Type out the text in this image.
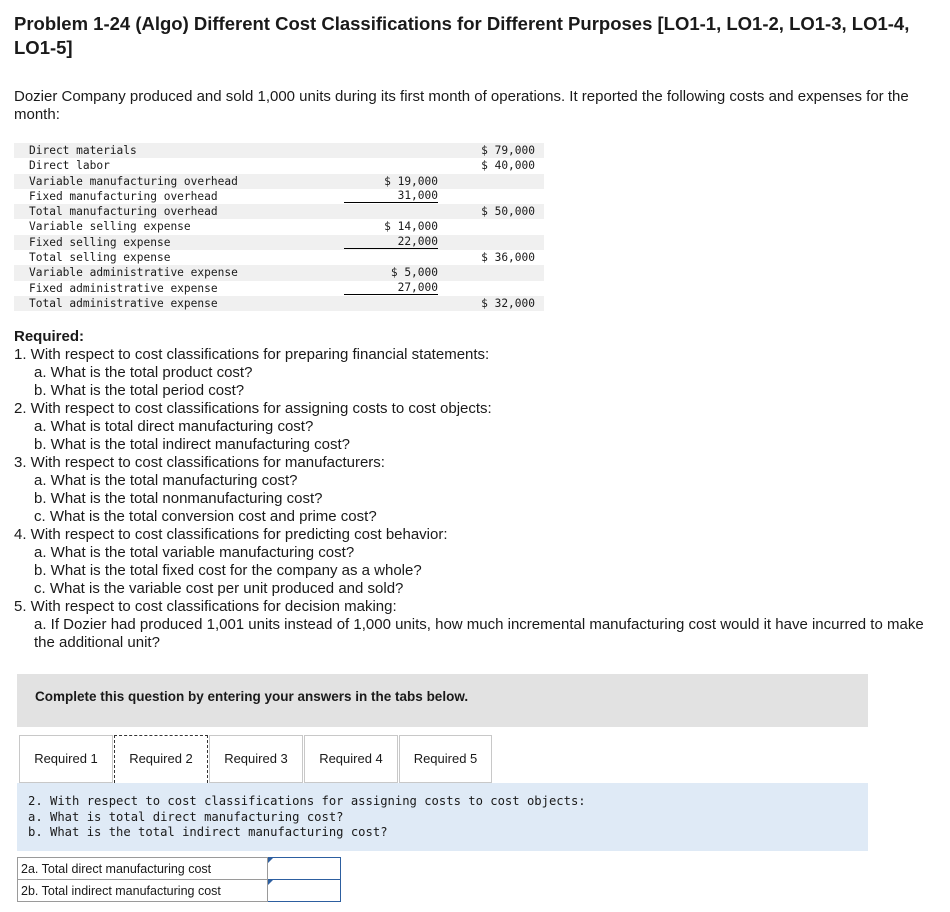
Problem 1-24 (Algo) Different Cost Classifications for Different Purposes [LO1-1, LO1-2, LO1-3, LO1-4, LO1-5]
Dozier Company produced and sold 1,000 units during its first month of operations. It reported the following costs and expenses for the month:
Direct materials	$ 79,000
Direct labor	$ 40,000
Variable manufacturing overhead	$ 19,000
Fixed manufacturing overhead	31,000
Total manufacturing overhead	$ 50,000
Variable selling expense	$ 14,000
Fixed selling expense	22,000
Total selling expense	$ 36,000
Variable administrative expense	$ 5,000
Fixed administrative expense	27,000
Total administrative expense	$ 32,000
Required:
1. With respect to cost classifications for preparing financial statements:
a. What is the total product cost?
b. What is the total period cost?
2. With respect to cost classifications for assigning costs to cost objects:
a. What is total direct manufacturing cost?
b. What is the total indirect manufacturing cost?
3. With respect to cost classifications for manufacturers:
a. What is the total manufacturing cost?
b. What is the total nonmanufacturing cost?
c. What is the total conversion cost and prime cost?
4. With respect to cost classifications for predicting cost behavior:
a. What is the total variable manufacturing cost?
b. What is the total fixed cost for the company as a whole?
c. What is the variable cost per unit produced and sold?
5. With respect to cost classifications for decision making:
a. If Dozier had produced 1,001 units instead of 1,000 units, how much incremental manufacturing cost would it have incurred to make the additional unit?
Complete this question by entering your answers in the tabs below.
Required 1	Required 2	Required 3	Required 4	Required 5
2. With respect to cost classifications for assigning costs to cost objects:
a. What is total direct manufacturing cost?
b. What is the total indirect manufacturing cost?
2a. Total direct manufacturing cost	

2b. Total indirect manufacturing cost	
